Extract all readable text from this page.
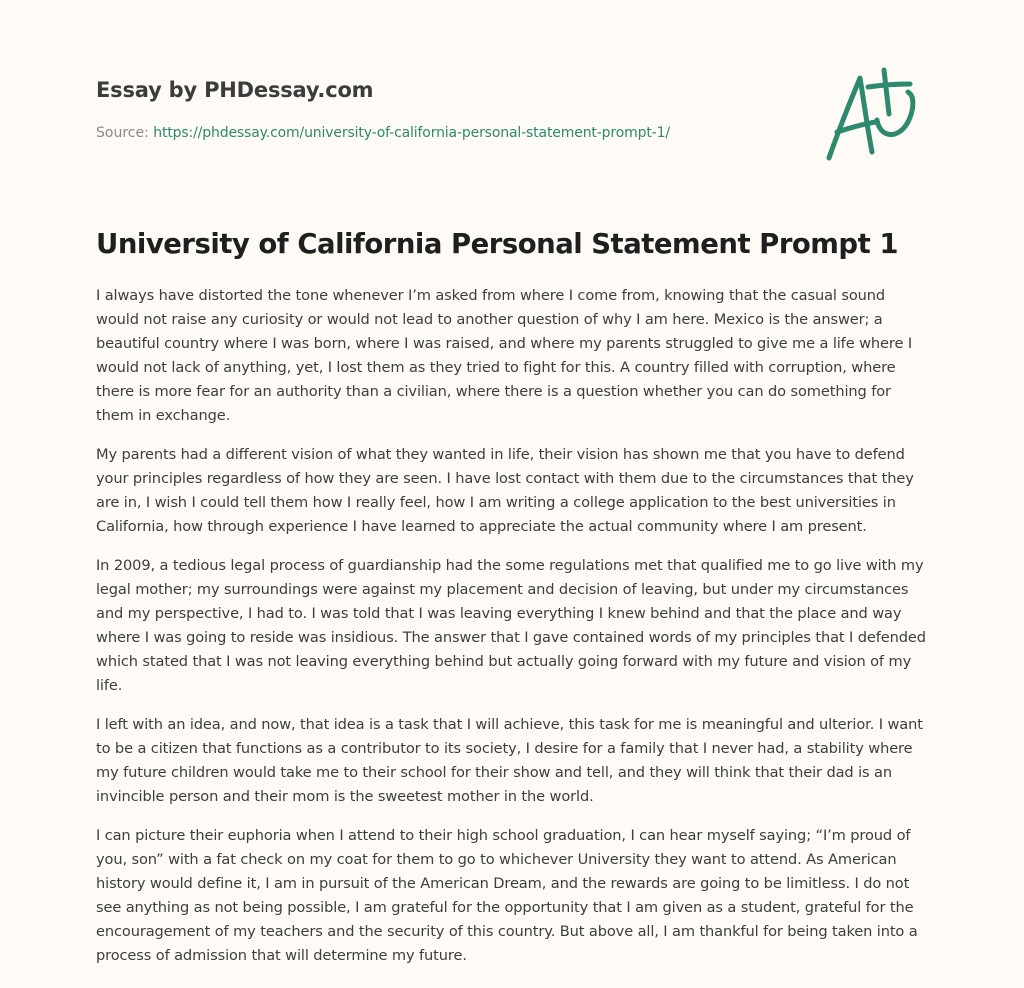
Essay by PHDessay.com
Source: https://phdessay.com/university-of-california-personal-statement-prompt-1/
University of California Personal Statement Prompt 1

I always have distorted the tone whenever I’m asked from where I come from, knowing that the casual sound would not raise any curiosity or would not lead to another question of why I am here. Mexico is the answer; a beautiful country where I was born, where I was raised, and where my parents struggled to give me a life where I would not lack of anything, yet, I lost them as they tried to fight for this. A country filled with corruption, where there is more fear for an authority than a civilian, where there is a question whether you can do something for them in exchange.

My parents had a different vision of what they wanted in life, their vision has shown me that you have to defend your principles regardless of how they are seen. I have lost contact with them due to the circumstances that they are in, I wish I could tell them how I really feel, how I am writing a college application to the best universities in California, how through experience I have learned to appreciate the actual community where I am present.

In 2009, a tedious legal process of guardianship had the some regulations met that qualified me to go live with my legal mother; my surroundings were against my placement and decision of leaving, but under my circumstances and my perspective, I had to. I was told that I was leaving everything I knew behind and that the place and way where I was going to reside was insidious. The answer that I gave contained words of my principles that I defended which stated that I was not leaving everything behind but actually going forward with my future and vision of my life.

I left with an idea, and now, that idea is a task that I will achieve, this task for me is meaningful and ulterior. I want to be a citizen that functions as a contributor to its society, I desire for a family that I never had, a stability where my future children would take me to their school for their show and tell, and they will think that their dad is an invincible person and their mom is the sweetest mother in the world.

I can picture their euphoria when I attend to their high school graduation, I can hear myself saying; “I’m proud of you, son” with a fat check on my coat for them to go to whichever University they want to attend. As American history would define it, I am in pursuit of the American Dream, and the rewards are going to be limitless. I do not see anything as not being possible, I am grateful for the opportunity that I am given as a student, grateful for the encouragement of my teachers and the security of this country. But above all, I am thankful for being taken into a process of admission that will determine my future.
